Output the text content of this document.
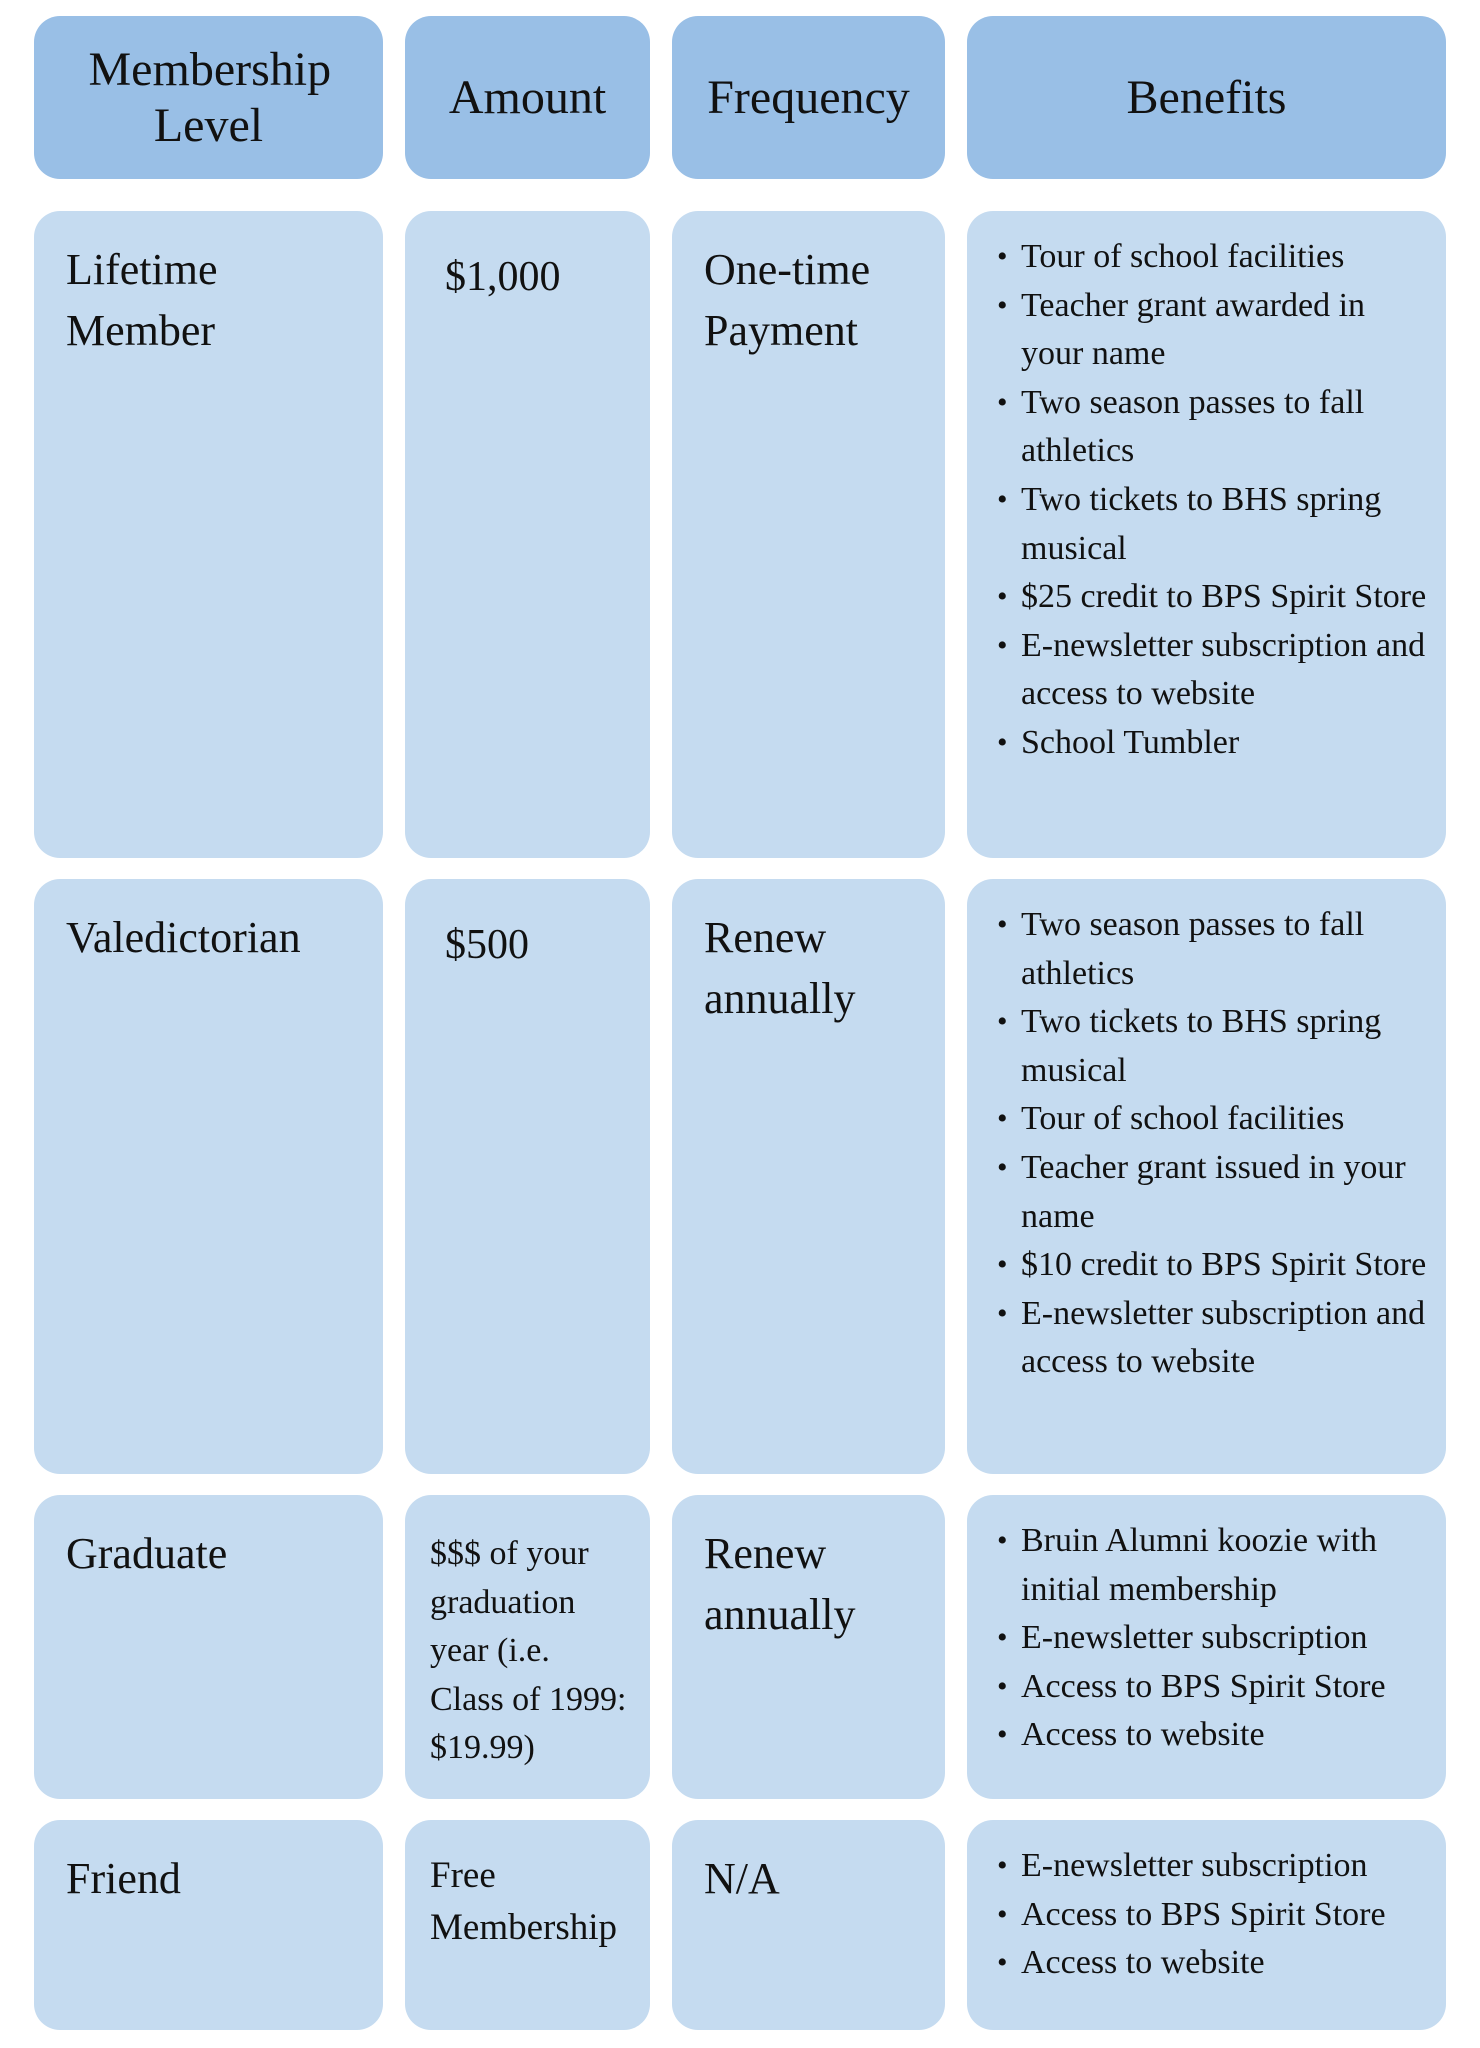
Membership Level
Amount Frequency	Benefits
Lifetime Member
$1,000	One-time Payment
• Tour of school facilities
• Teacher grant awarded in your name
• Two season passes to fall athletics
• Two tickets to BHS spring musical
• $25 credit to BPS Spirit Store
• E-newsletter subscription and access to website
• School Tumbler
Valedictorian	$500	Renew annually
• Two season passes to fall athletics
• Two tickets to BHS spring musical
• Tour of school facilities
• Teacher grant issued in your name
• $10 credit to BPS Spirit Store
• E-newsletter subscription and access to website
Graduate	$$$ of your graduation year (i.e. Class of 1999: $19.99)
Renew annually
• Bruin Alumni koozie with initial membership
• E-newsletter subscription
• Access to BPS Spirit Store
• Access to website
Friend	Free Membership
N/A
•	E-newsletter subscription
• Access to BPS Spirit Store
• Access to website
